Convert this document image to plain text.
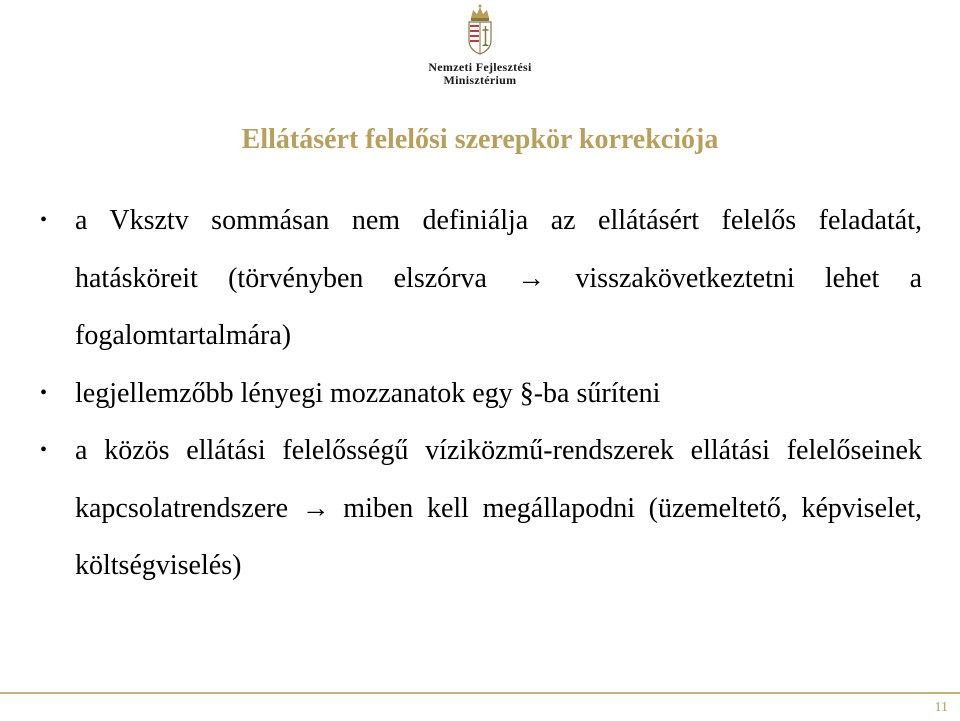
Nemzeti Fejlesztési
Minisztérium
Ellátásért felelősi szerepkör korrekciója
• a Vksztv sommásan nem definiálja az ellátásért felelős feladatát, hatásköreit (törvényben elszórva → visszakövetkeztetni lehet a fogalomtartalmára)
• legjellemzőbb lényegi mozzanatok egy §-ba sűríteni
• a közös ellátási felelősségű víziközmű-rendszerek ellátási felelőseinek kapcsolatrendszere → miben kell megállapodni (üzemeltető, képviselet, költségviselés)
11
